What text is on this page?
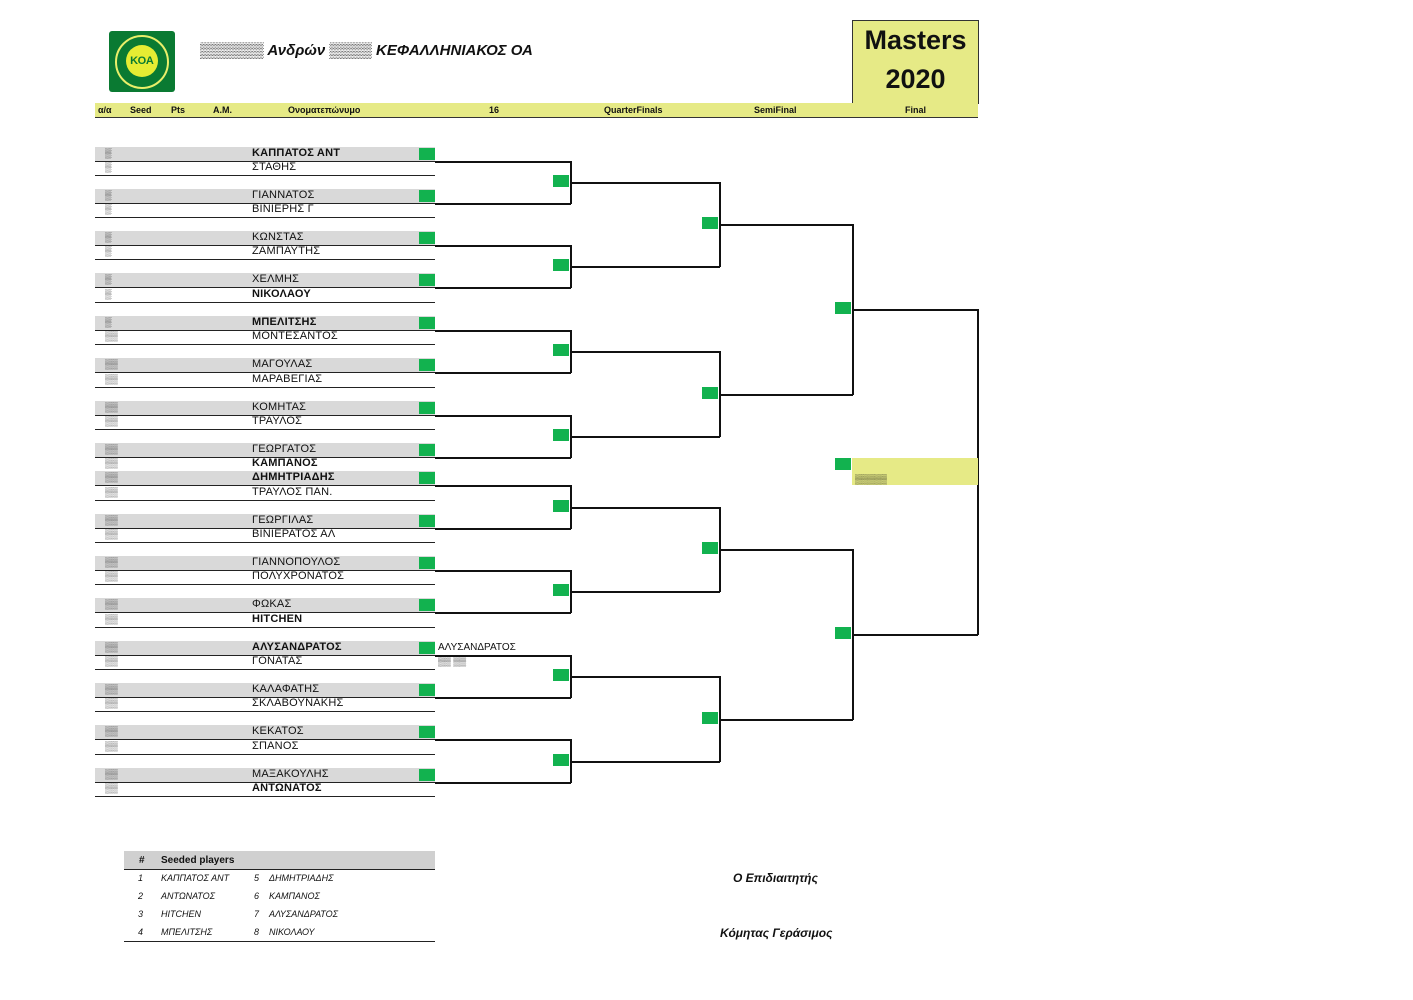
ΚΟΑ
▒▒▒▒▒▒ Ανδρών ▒▒▒▒ ΚΕΦΑΛΛΗΝΙΑΚΟΣ ΟΑ	Masters
2020
α/α Seed Pts	Α.Μ.	Ονοματεπώνυμο	16	QuarterFinals	SemiFinal	Final
▒	ΚΑΠΠΑΤΟΣ ΑΝΤ
▒	ΣΤΑΘΗΣ
▒	ΓΙΑΝΝΑΤΟΣ
▒	ΒΙΝΙΕΡΗΣ Γ
▒	ΚΩΝΣΤΑΣ
▒	ΖΑΜΠΑΥΤΗΣ
▒	ΧΕΛΜΗΣ
▒	ΝΙΚΟΛΑΟΥ
▒	ΜΠΕΛΙΤΣΗΣ
▒▒	ΜΟΝΤΕΣΑΝΤΟΣ
▒▒	ΜΑΓΟΥΛΑΣ
▒▒	ΜΑΡΑΒΕΓΙΑΣ
▒▒	ΚΟΜΗΤΑΣ
▒▒	ΤΡΑΥΛΟΣ
▒▒	ΓΕΩΡΓΑΤΟΣ
▒▒	ΚΑΜΠΑΝΟΣ
▒▒	ΔΗΜΗΤΡΙΑΔΗΣ
▒▒	ΤΡΑΥΛΟΣ ΠΑΝ.
▒▒	ΓΕΩΡΓΙΛΑΣ
▒▒	ΒΙΝΙΕΡΑΤΟΣ ΑΛ
▒▒	ΓΙΑΝΝΟΠΟΥΛΟΣ
▒▒	ΠΟΛΥΧΡΟΝΑΤΟΣ
▒▒	ΦΩΚΑΣ
▒▒	HITCHEN
▒▒	ΑΛΥΣΑΝΔΡΑΤΟΣ
▒▒	ΓΟΝΑΤΑΣ
▒▒	ΚΑΛΑΦΑΤΗΣ
▒▒	ΣΚΛΑΒΟΥΝΑΚΗΣ
▒▒	ΚΕΚΑΤΟΣ
▒▒	ΣΠΑΝΟΣ
▒▒	ΜΑΞΑΚΟΥΛΗΣ
▒▒	ΑΝΤΩΝΑΤΟΣ
ΑΛΥΣΑΝΔΡΑΤΟΣ
▒▒ ▒▒
▒▒▒▒▒
# Seeded players
1 ΚΑΠΠΑΤΟΣ ΑΝΤ	5 ΔΗΜΗΤΡΙΑΔΗΣ
2 ΑΝΤΩΝΑΤΟΣ	6 ΚΑΜΠΑΝΟΣ
3 HITCHEN	7 ΑΛΥΣΑΝΔΡΑΤΟΣ
4 ΜΠΕΛΙΤΣΗΣ	8 ΝΙΚΟΛΑΟΥ
Ο Επιδιαιτητής
Κόμητας Γεράσιμος
